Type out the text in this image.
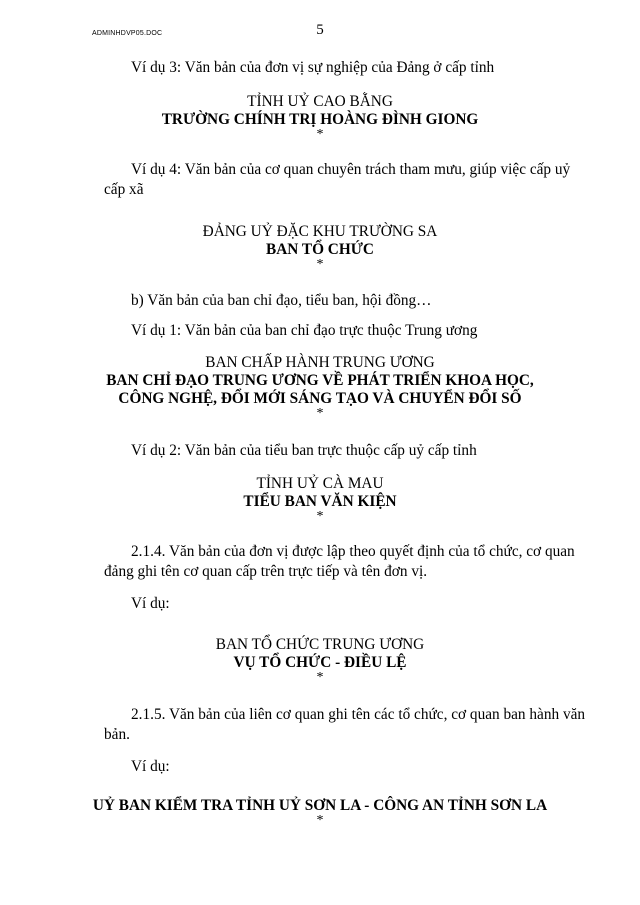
ADMINHDVP05.DOC	5

Ví dụ 3: Văn bản của đơn vị sự nghiệp của Đảng ở cấp tỉnh

TỈNH UỶ CAO BẰNG

TRƯỜNG CHÍNH TRỊ HOÀNG ĐÌNH GIONG

*

Ví dụ 4: Văn bản của cơ quan chuyên trách tham mưu, giúp việc cấp uỷ cấp xã

ĐẢNG UỶ ĐẶC KHU TRƯỜNG SA

BAN TỔ CHỨC

*

b) Văn bản của ban chỉ đạo, tiểu ban, hội đồng…

Ví dụ 1: Văn bản của ban chỉ đạo trực thuộc Trung ương

BAN CHẤP HÀNH TRUNG ƯƠNG

BAN CHỈ ĐẠO TRUNG ƯƠNG VỀ PHÁT TRIỂN KHOA HỌC,

CÔNG NGHỆ, ĐỔI MỚI SÁNG TẠO VÀ CHUYỂN ĐỔI SỐ

*

Ví dụ 2: Văn bản của tiểu ban trực thuộc cấp uỷ cấp tỉnh

TỈNH UỶ CÀ MAU

TIỂU BAN VĂN KIỆN

*

2.1.4. Văn bản của đơn vị được lập theo quyết định của tổ chức, cơ quan đảng ghi tên cơ quan cấp trên trực tiếp và tên đơn vị.

Ví dụ:

BAN TỔ CHỨC TRUNG ƯƠNG

VỤ TỔ CHỨC - ĐIỀU LỆ

*

2.1.5. Văn bản của liên cơ quan ghi tên các tổ chức, cơ quan ban hành văn bản.

Ví dụ:

UỶ BAN KIỂM TRA TỈNH UỶ SƠN LA - CÔNG AN TỈNH SƠN LA

*
